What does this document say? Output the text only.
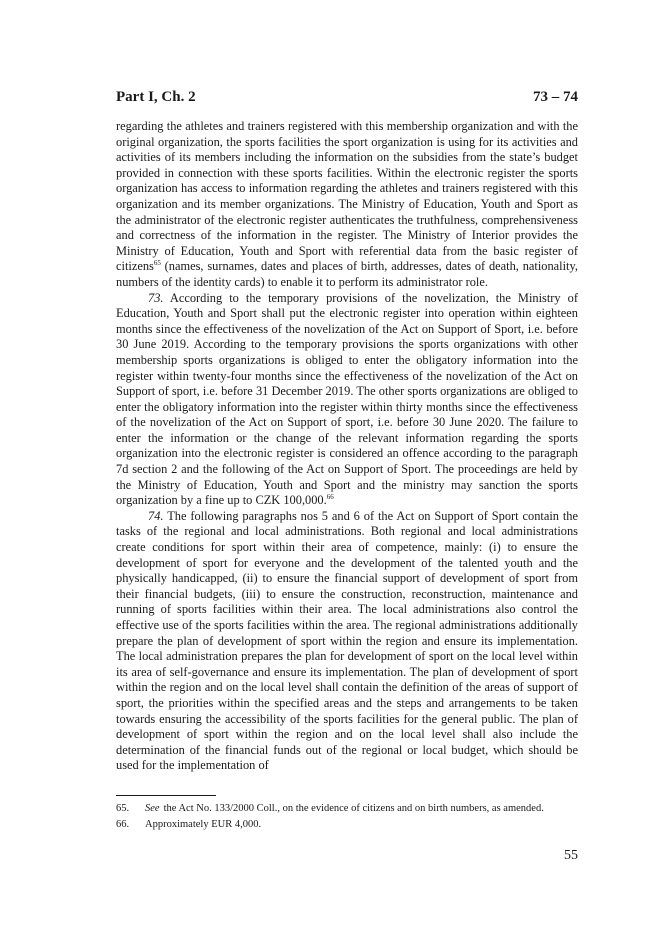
Part I, Ch. 2	73 – 74

regarding the athletes and trainers registered with this membership organization and with the original organization, the sports facilities the sport organization is using for its activities and activities of its members including the information on the subsidies from the state’s budget provided in connection with these sports facilities. Within the electronic register the sports organization has access to information regarding the athletes and trainers registered with this organization and its member organizations. The Ministry of Education, Youth and Sport as the administrator of the electronic register authenticates the truthfulness, comprehensiveness and correctness of the information in the register. The Ministry of Interior provides the Ministry of Education, Youth and Sport with referential data from the basic register of citizens$^{65}$ (names, surnames, dates and places of birth, addresses, dates of death, nationality, numbers of the identity cards) to enable it to perform its administrator role.

73. According to the temporary provisions of the novelization, the Ministry of Education, Youth and Sport shall put the electronic register into operation within eighteen months since the effectiveness of the novelization of the Act on Support of Sport, i.e. before 30 June 2019. According to the temporary provisions the sports organizations with other membership sports organizations is obliged to enter the obligatory information into the register within twenty-four months since the effectiveness of the novelization of the Act on Support of sport, i.e. before 31 December 2019. The other sports organizations are obliged to enter the obligatory information into the register within thirty months since the effectiveness of the novelization of the Act on Support of sport, i.e. before 30 June 2020. The failure to enter the information or the change of the relevant information regarding the sports organization into the electronic register is considered an offence according to the paragraph 7d section 2 and the following of the Act on Support of Sport. The proceedings are held by the Ministry of Education, Youth and Sport and the ministry may sanction the sports organization by a fine up to CZK 100,000.66

74. The following paragraphs nos 5 and 6 of the Act on Support of Sport contain the tasks of the regional and local administrations. Both regional and local administrations create conditions for sport within their area of competence, mainly: (i) to ensure the development of sport for everyone and the development of the talented youth and the physically handicapped, (ii) to ensure the financial support of development of sport from their financial budgets, (iii) to ensure the construction, reconstruction, maintenance and running of sports facilities within their area. The local administrations also control the effective use of the sports facilities within the area. The regional administrations additionally prepare the plan of development of sport within the region and ensure its implementation. The local administration prepares the plan for development of sport on the local level within its area of self-governance and ensure its implementation. The plan of development of sport within the region and on the local level shall contain the definition of the areas of support of sport, the priorities within the specified areas and the steps and arrangements to be taken towards ensuring the accessibility of the sports facilities for the general public. The plan of development of sport within the region and on the local level shall also include the determination of the financial funds out of the regional or local budget, which should be used for the implementation of

65.	See the Act No. 133/2000 Coll., on the evidence of citizens and on birth numbers, as amended.
66.	Approximately EUR 4,000.
55
